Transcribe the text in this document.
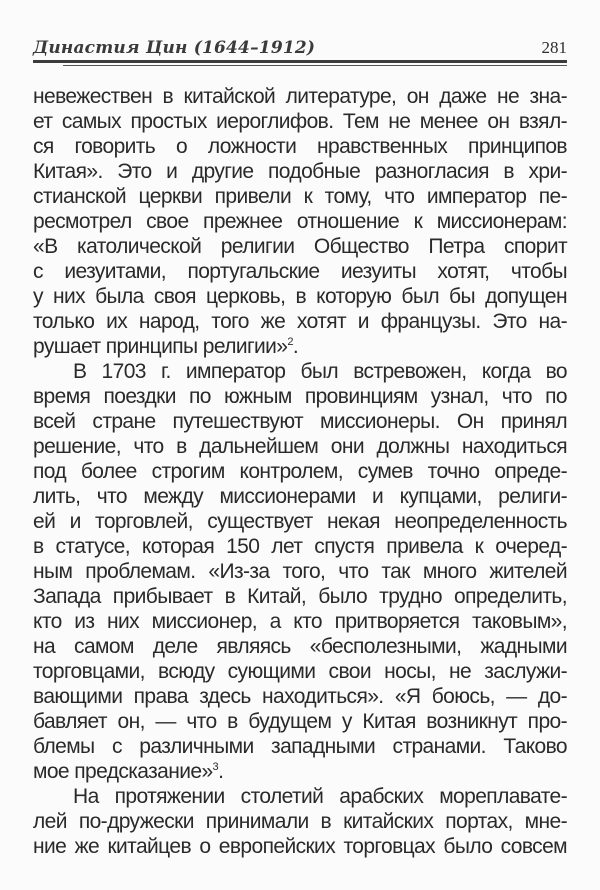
Династия Цин (1644–1912)	281
невежествен в китайской литературе, он даже не зна-
ет самых простых иероглифов. Тем не менее он взял-
ся говорить о ложности нравственных принципов
Китая». Это и другие подобные разногласия в хри-
стианской церкви привели к тому, что император пе-
ресмотрел свое прежнее отношение к миссионерам:
«В католической религии Общество Петра спорит
с иезуитами, португальские иезуиты хотят, чтобы
у них была своя церковь, в которую был бы допущен
только их народ, того же хотят и французы. Это на-
рушает принципы религии»$^2$.
В 1703 г. император был встревожен, когда во
время поездки по южным провинциям узнал, что по
всей стране путешествуют миссионеры. Он принял
решение, что в дальнейшем они должны находиться
под более строгим контролем, сумев точно опреде-
лить, что между миссионерами и купцами, религи-
ей и торговлей, существует некая неопределенность
в статусе, которая 150 лет спустя привела к очеред-
ным проблемам. «Из-за того, что так много жителей
Запада прибывает в Китай, было трудно определить,
кто из них миссионер, а кто притворяется таковым»,
на самом деле являясь «бесполезными, жадными
торговцами, всюду сующими свои носы, не заслужи-
вающими права здесь находиться». «Я боюсь, — до-
бавляет он, — что в будущем у Китая возникнут про-
блемы с различными западными странами. Таково
мое предсказание»$^3$.
На протяжении столетий арабских мореплавате-
лей по-дружески принимали в китайских портах, мне-
ние же китайцев о европейских торговцах было совсем
